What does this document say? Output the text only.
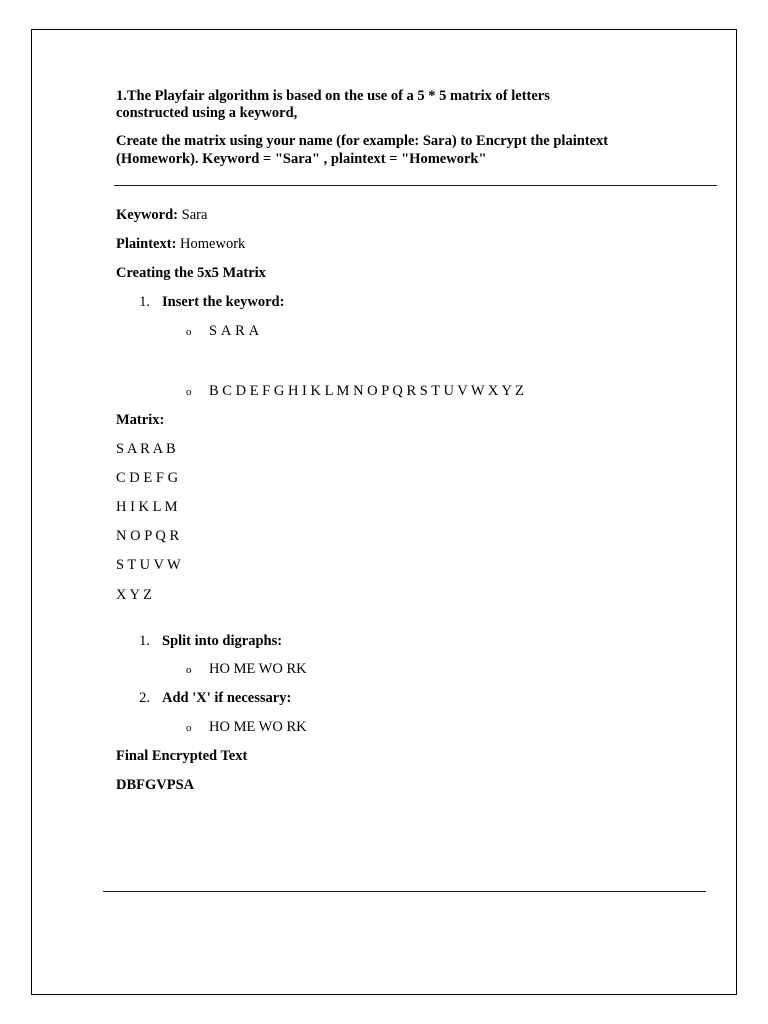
1.The Playfair algorithm is based on the use of a 5 * 5 matrix of letters
constructed using a keyword,
Create the matrix using your name (for example: Sara) to Encrypt the plaintext
(Homework). Keyword = "Sara" , plaintext = "Homework"
Keyword: Sara
Plaintext: Homework
Creating the 5x5 Matrix
1. Insert the keyword:
o S A R A
o B C D E F G H I K L M N O P Q R S T U V W X Y Z
Matrix:
S A R A B
C D E F G
H I K L M
N O P Q R
S T U V W
X Y Z
1. Split into digraphs:
o HO ME WO RK
2. Add 'X' if necessary:
o HO ME WO RK
Final Encrypted Text
DBFGVPSA
